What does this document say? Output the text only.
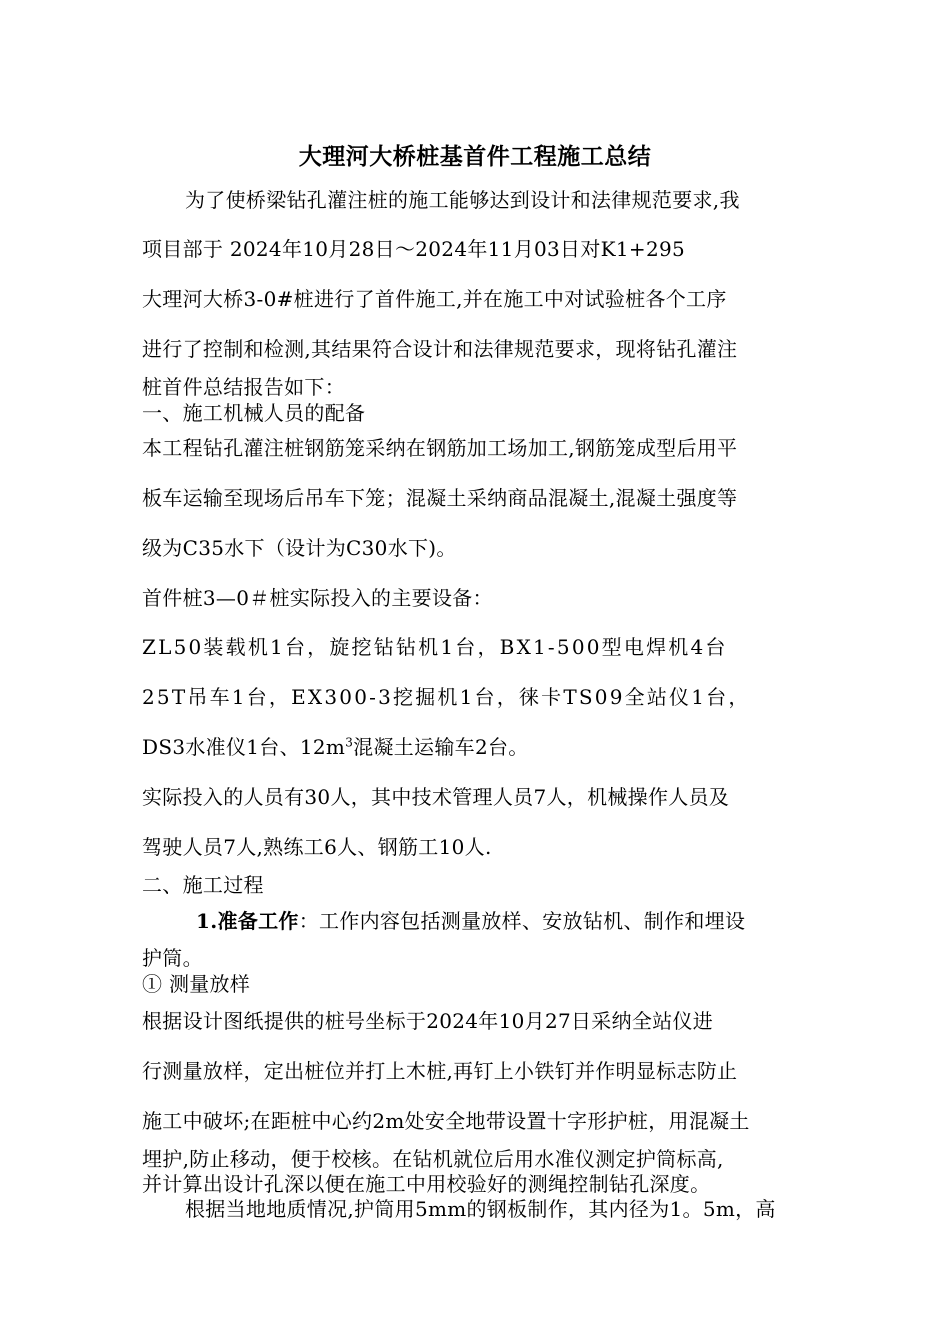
大理河大桥桩基首件工程施工总结
为了使桥梁钻孔灌注桩的施工能够达到设计和法律规范要求,我
项目部于 2024年10月28日～2024年11月03日对K1+295
大理河大桥3-0#桩进行了首件施工,并在施工中对试验桩各个工序
进行了控制和检测,其结果符合设计和法律规范要求，现将钻孔灌注
桩首件总结报告如下：
一、施工机械人员的配备
本工程钻孔灌注桩钢筋笼采纳在钢筋加工场加工,钢筋笼成型后用平
板车运输至现场后吊车下笼；混凝土采纳商品混凝土,混凝土强度等
级为C35水下（设计为C30水下)。
首件桩3—0＃桩实际投入的主要设备：
ZL50装载机1台，旋挖钻钻机1台，BX1-500型电焊机4台
25T吊车1台，EX300-3挖掘机1台，徕卡TS09全站仪1台，
DS3水准仪1台、$12m^3$混凝土运输车2台。
实际投入的人员有30人，其中技术管理人员7人，机械操作人员及
驾驶人员7人,熟练工6人、钢筋工10人.
二、施工过程
1.准备工作：工作内容包括测量放样、安放钻机、制作和埋设
护筒。
① 测量放样
根据设计图纸提供的桩号坐标于2024年10月27日采纳全站仪进
行测量放样，定出桩位并打上木桩,再钉上小铁钉并作明显标志防止
施工中破坏;在距桩中心约2m处安全地带设置十字形护桩，用混凝土
埋护,防止移动，便于校核。在钻机就位后用水准仪测定护筒标高,
并计算出设计孔深以便在施工中用校验好的测绳控制钻孔深度。
根据当地地质情况,护筒用5mm的钢板制作，其内径为1。5m，高
